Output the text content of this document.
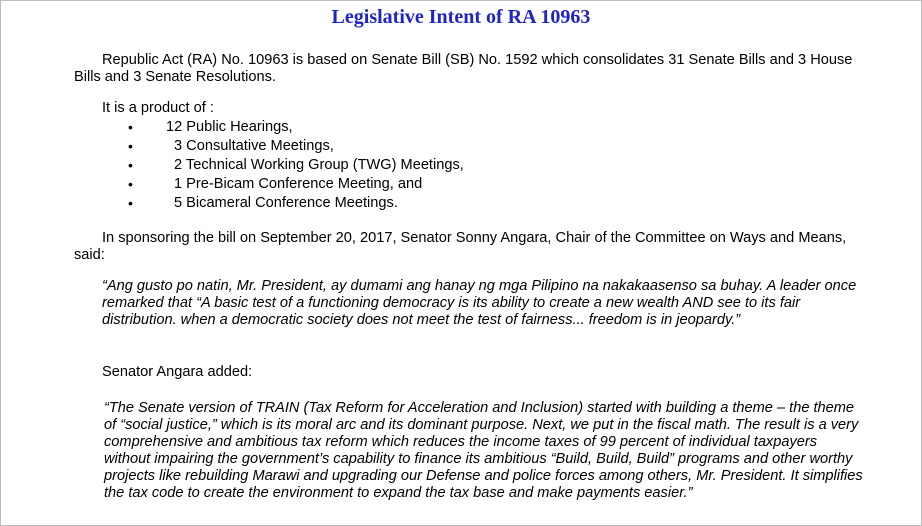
Legislative Intent of RA 10963
Republic Act (RA) No. 10963 is based on Senate Bill (SB) No. 1592 which consolidates 31 Senate Bills and 3 House Bills and 3 Senate Resolutions.
It is a product of :
• 12 Public Hearings,
•	3 Consultative Meetings,
•	2 Technical Working Group (TWG) Meetings,
•	1 Pre-Bicam Conference Meeting, and
•	5 Bicameral Conference Meetings.
In sponsoring the bill on September 20, 2017, Senator Sonny Angara, Chair of the Committee on Ways and Means, said:
“Ang gusto po natin, Mr. President, ay dumami ang hanay ng mga Pilipino na nakakaasenso sa buhay. A leader once remarked that “A basic test of a functioning democracy is its ability to create a new wealth AND see to its fair distribution. when a democratic society does not meet the test of fairness... freedom is in jeopardy.”
Senator Angara added:
“The Senate version of TRAIN (Tax Reform for Acceleration and Inclusion) started with building a theme – the theme of “social justice,” which is its moral arc and its dominant purpose. Next, we put in the fiscal math. The result is a very comprehensive and ambitious tax reform which reduces the income taxes of 99 percent of individual taxpayers without impairing the government’s capability to finance its ambitious “Build, Build, Build” programs and other worthy projects like rebuilding Marawi and upgrading our Defense and police forces among others, Mr. President. It simplifies the tax code to create the environment to expand the tax base and make payments easier.”
